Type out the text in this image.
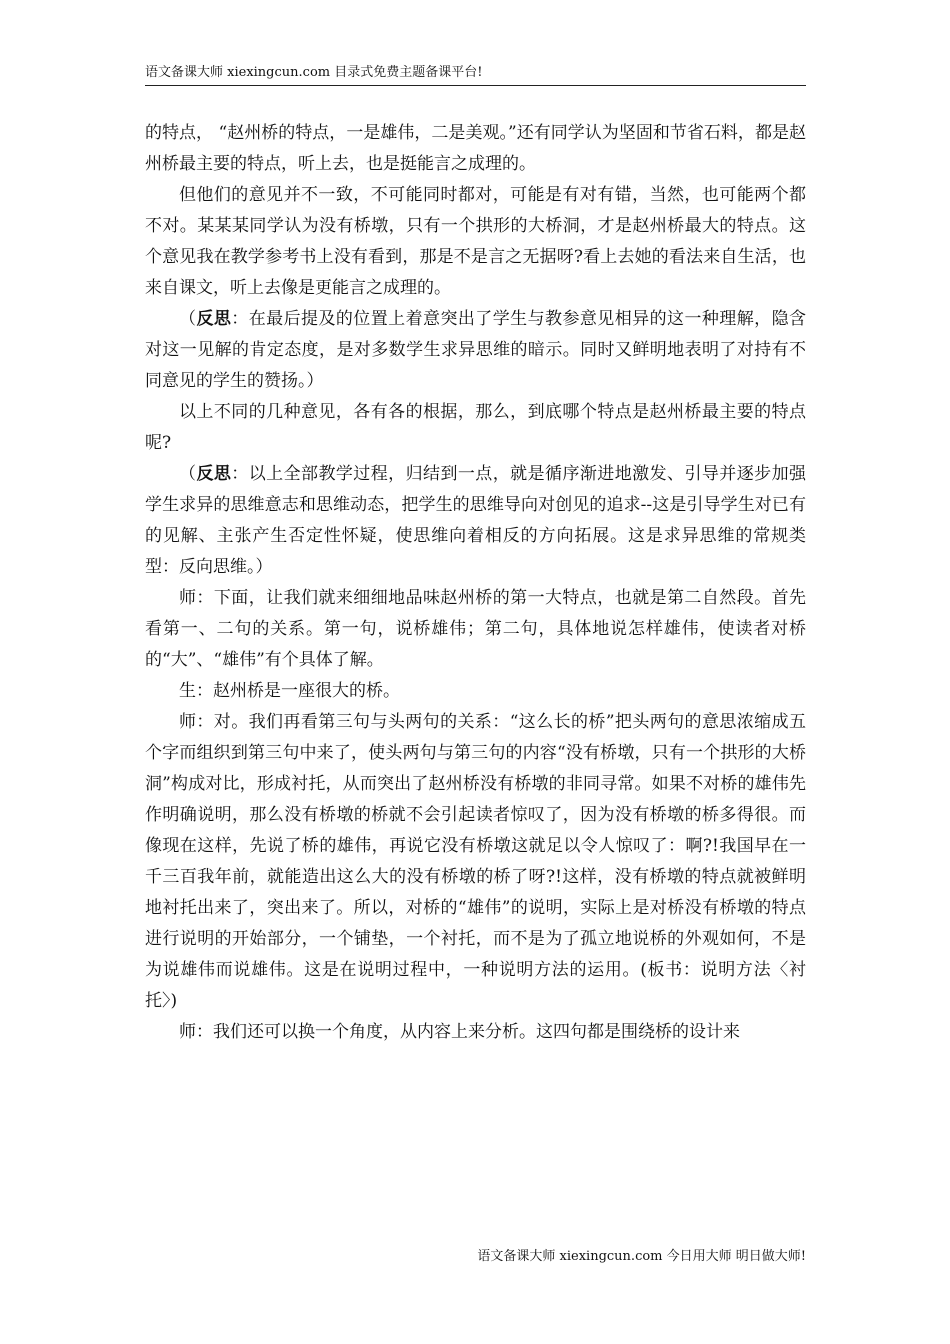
语文备课大师 xiexingcun.com 目录式免费主题备课平台!

的特点， “赵州桥的特点，一是雄伟，二是美观。”还有同学认为坚固和节省石料，都是赵州桥最主要的特点，听上去，也是挺能言之成理的。

但他们的意见并不一致，不可能同时都对，可能是有对有错，当然，也可能两个都不对。某某某同学认为没有桥墩，只有一个拱形的大桥洞，才是赵州桥最大的特点。这个意见我在教学参考书上没有看到，那是不是言之无据呀?看上去她的看法来自生活，也来自课文，听上去像是更能言之成理的。

（反思：在最后提及的位置上着意突出了学生与教参意见相异的这一种理解，隐含对这一见解的肯定态度，是对多数学生求异思维的暗示。同时又鲜明地表明了对持有不同意见的学生的赞扬。）

以上不同的几种意见，各有各的根据，那么，到底哪个特点是赵州桥最主要的特点呢?

（反思：以上全部教学过程，归结到一点，就是循序渐进地激发、引导并逐步加强学生求异的思维意志和思维动态，把学生的思维导向对创见的追求--这是引导学生对已有的见解、主张产生否定性怀疑，使思维向着相反的方向拓展。这是求异思维的常规类型：反向思维。）

师：下面，让我们就来细细地品味赵州桥的第一大特点，也就是第二自然段。首先看第一、二句的关系。第一句，说桥雄伟；第二句，具体地说怎样雄伟，使读者对桥的“大”、“雄伟”有个具体了解。

生：赵州桥是一座很大的桥。

师：对。我们再看第三句与头两句的关系：“这么长的桥”把头两句的意思浓缩成五个字而组织到第三句中来了，使头两句与第三句的内容“没有桥墩，只有一个拱形的大桥洞”构成对比，形成衬托，从而突出了赵州桥没有桥墩的非同寻常。如果不对桥的雄伟先作明确说明，那么没有桥墩的桥就不会引起读者惊叹了，因为没有桥墩的桥多得很。而像现在这样，先说了桥的雄伟，再说它没有桥墩这就足以令人惊叹了：啊?!我国早在一千三百我年前，就能造出这么大的没有桥墩的桥了呀?!这样，没有桥墩的特点就被鲜明地衬托出来了，突出来了。所以，对桥的“雄伟”的说明，实际上是对桥没有桥墩的特点进行说明的开始部分，一个铺垫，一个衬托，而不是为了孤立地说桥的外观如何，不是为说雄伟而说雄伟。这是在说明过程中，一种说明方法的运用。(板书：说明方法〈衬托〉)

师：我们还可以换一个角度，从内容上来分析。这四句都是围绕桥的设计来

语文备课大师 xiexingcun.com 今日用大师 明日做大师!
